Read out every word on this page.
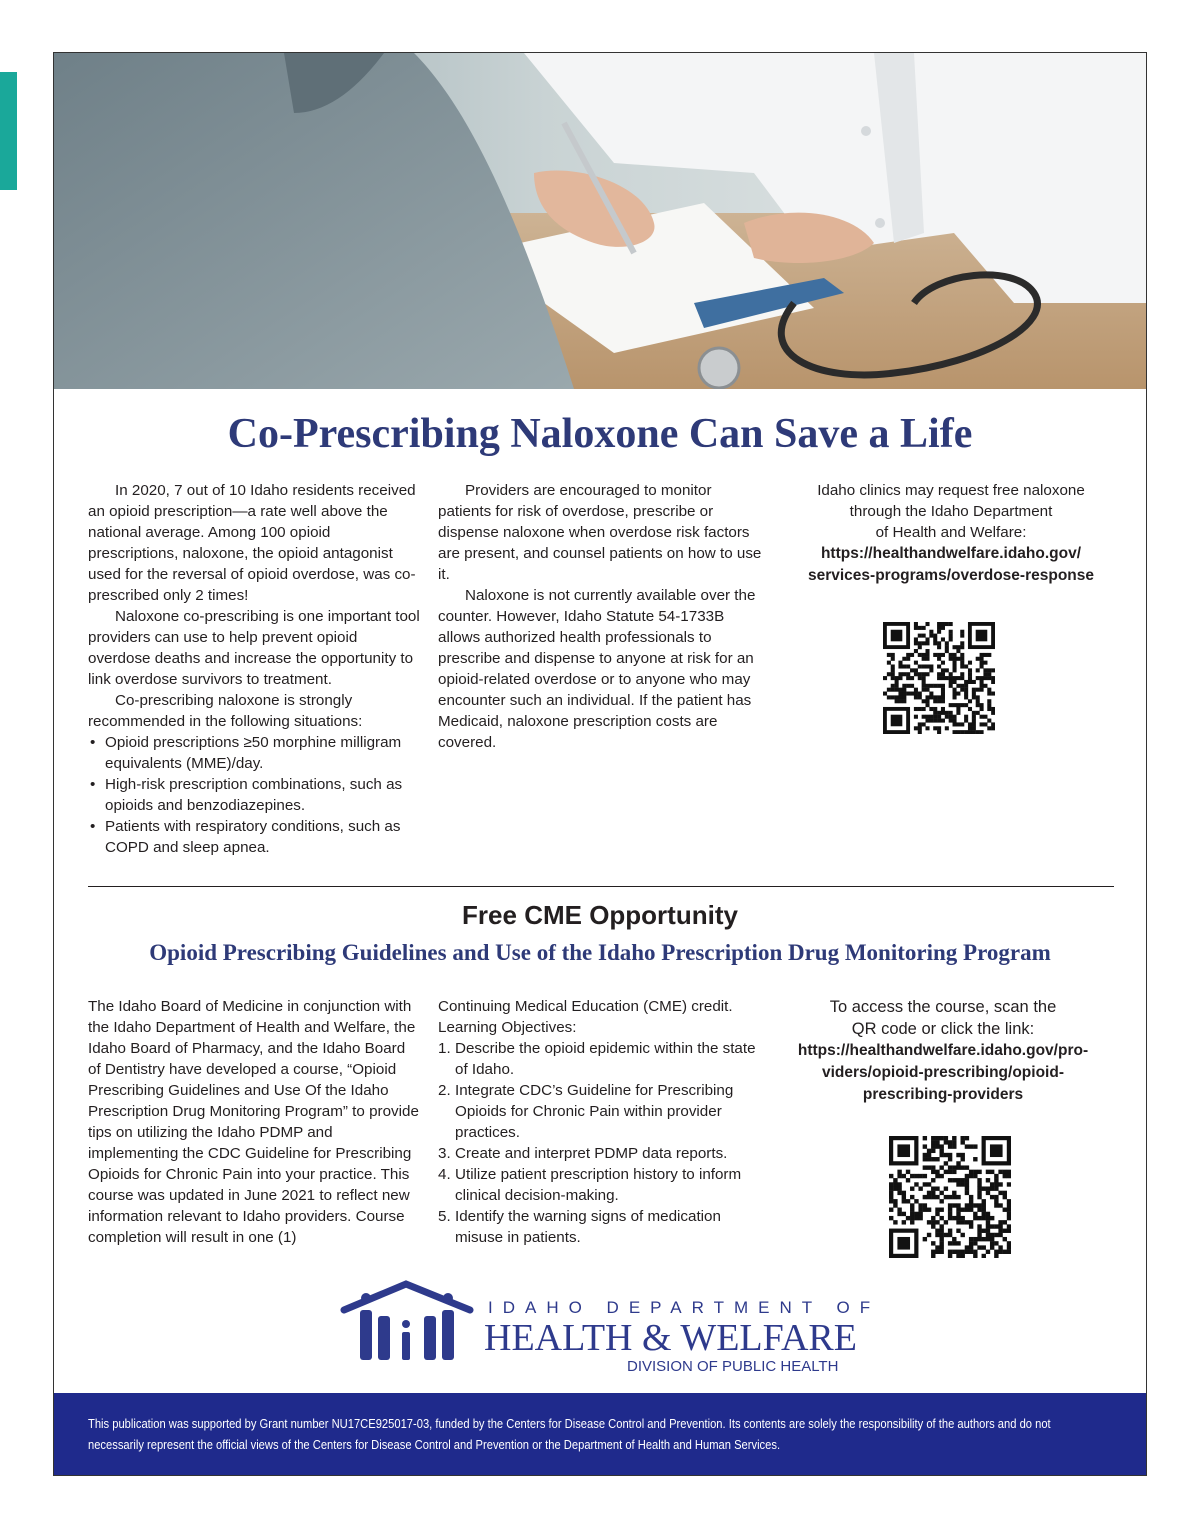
Co-Prescribing Naloxone Can Save a Life

In 2020, 7 out of 10 Idaho residents received an opioid prescription—a rate well above the national average. Among 100 opioid prescriptions, naloxone, the opioid antagonist used for the reversal of opioid overdose, was co-prescribed only 2 times!

Naloxone co-prescribing is one important tool providers can use to help prevent opioid overdose deaths and increase the opportunity to link overdose survivors to treatment.

Co-prescribing naloxone is strongly recommended in the following situations:

• Opioid prescriptions ≥50 morphine milligram equivalents (MME)/day.
• High-risk prescription combinations, such as opioids and benzodiazepines.
• Patients with respiratory conditions, such as COPD and sleep apnea.

Providers are encouraged to monitor patients for risk of overdose, prescribe or dispense naloxone when overdose risk factors are present, and counsel patients on how to use it.

Naloxone is not currently available over the counter. However, Idaho Statute 54-1733B allows authorized health professionals to prescribe and dispense to anyone at risk for an opioid-related overdose or to anyone who may encounter such an individual. If the patient has Medicaid, naloxone prescription costs are covered.

Idaho clinics may request free naloxone

through the Idaho Department

of Health and Welfare:

https://healthandwelfare.idaho.gov/

services-programs/overdose-response

Free CME Opportunity
Opioid Prescribing Guidelines and Use of the Idaho Prescription Drug Monitoring Program

The Idaho Board of Medicine in conjunction with the Idaho Department of Health and Welfare, the Idaho Board of Pharmacy, and the Idaho Board of Dentistry have developed a course, “Opioid Prescribing Guidelines and Use Of the Idaho Prescription Drug Monitoring Program” to provide tips on utilizing the Idaho PDMP and implementing the CDC Guideline for Prescribing Opioids for Chronic Pain into your practice. This course was updated in June 2021 to reflect new information relevant to Idaho providers. Course completion will result in one (1)

Continuing Medical Education (CME) credit.

Learning Objectives:

1. Describe the opioid epidemic within the state of Idaho.
2. Integrate CDC’s Guideline for Prescribing Opioids for Chronic Pain within provider practices.
3. Create and interpret PDMP data reports.
4. Utilize patient prescription history to inform clinical decision-making.
5. Identify the warning signs of medication misuse in patients.

To access the course, scan the

QR code or click the link:

https://healthandwelfare.idaho.gov/pro-

viders/opioid-prescribing/opioid-

prescribing-providers

IDAHO DEPARTMENT OF
HEALTH & WELFARE
DIVISION OF PUBLIC HEALTH
This publication was supported by Grant number NU17CE925017-03, funded by the Centers for Disease Control and Prevention. Its contents are solely the responsibility of the authors and do not
necessarily represent the official views of the Centers for Disease Control and Prevention or the Department of Health and Human Services.
